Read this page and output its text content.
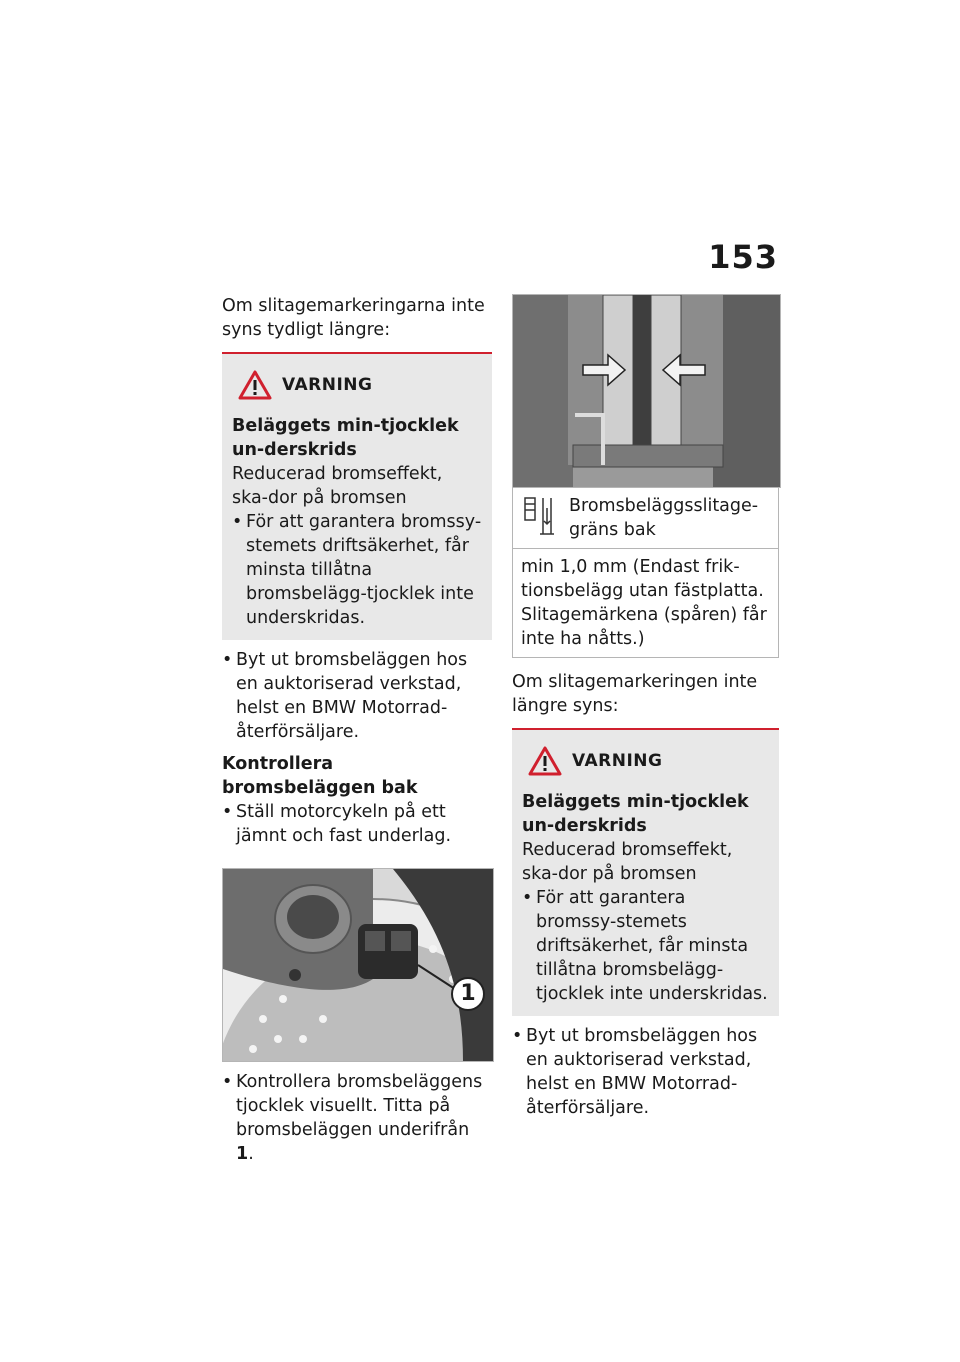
153

Om slitagemarkeringarna inte syns tydligt längre:

VARNING

Beläggets min-tjocklek un-derskrids

Reducerad bromseffekt, ska-dor på bromsen

• För att garantera bromssy-stemets driftsäkerhet, får minsta tillåtna bromsbelägg-tjocklek inte underskridas.

• Byt ut bromsbeläggen hos en auktoriserad verkstad, helst en BMW Motorrad-återförsäljare.

Kontrollera bromsbeläggen bak

• Ställ motorcykeln på ett jämnt och fast underlag.

1

• Kontrollera bromsbeläggens tjocklek visuellt. Titta på bromsbeläggen underifrån 1.

Bromsbeläggsslitage-gräns bak
min 1,0 mm (Endast frik-tionsbelägg utan fästplatta. Slitagemärkena (spåren) får inte ha nåtts.)

Om slitagemarkeringen inte längre syns:

VARNING

Beläggets min-tjocklek un-derskrids

Reducerad bromseffekt, ska-dor på bromsen

• För att garantera bromssy-stemets driftsäkerhet, får minsta tillåtna bromsbelägg-tjocklek inte underskridas.

• Byt ut bromsbeläggen hos en auktoriserad verkstad, helst en BMW Motorrad-återförsäljare.
